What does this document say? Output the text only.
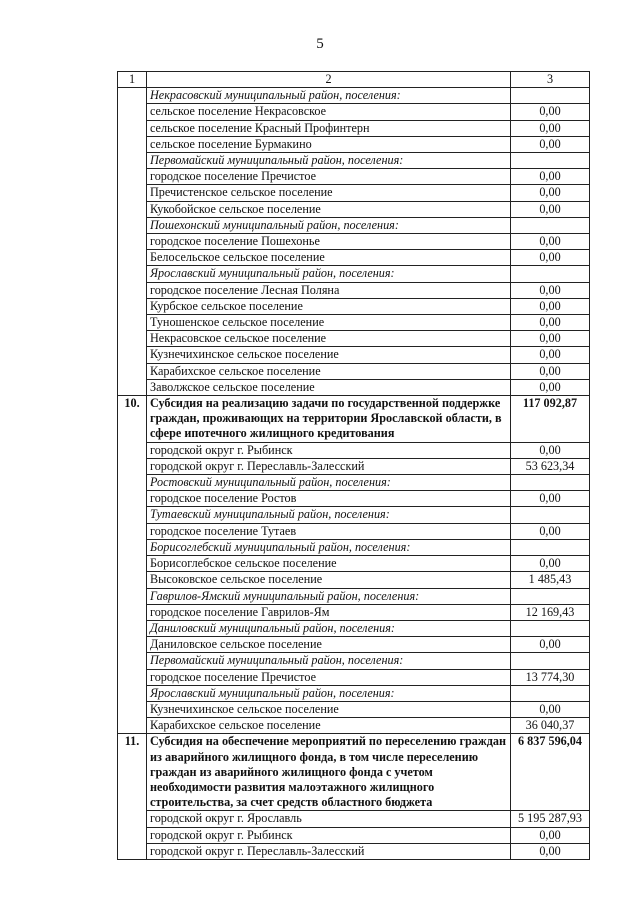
5
1	2	3
	Некрасовский муниципальный район, поселения:	
	сельское поселение Некрасовское	0,00
	сельское поселение Красный Профинтерн	0,00
	сельское поселение Бурмакино	0,00
	Первомайский муниципальный район, поселения:	
	городское поселение Пречистое	0,00
	Пречистенское сельское поселение	0,00
	Кукобойское сельское поселение	0,00
	Пошехонский муниципальный район, поселения:	
	городское поселение Пошехонье	0,00
	Белосельское сельское поселение	0,00
	Ярославский муниципальный район, поселения:	
	городское поселение Лесная Поляна	0,00
	Курбское сельское поселение	0,00
	Туношенское сельское поселение	0,00
	Некрасовское сельское поселение	0,00
	Кузнечихинское сельское поселение	0,00
	Карабихское сельское поселение	0,00
	Заволжское сельское поселение	0,00
10.	Субсидия на реализацию задачи по государственной поддержке граждан, проживающих на территории Ярославской области, в сфере ипотечного жилищного кредитования	117 092,87
	городской округ г. Рыбинск	0,00
	городской округ г. Переславль-Залесский	53 623,34
	Ростовский муниципальный район, поселения:	
	городское поселение Ростов	0,00
	Тутаевский муниципальный район, поселения:	
	городское поселение Тутаев	0,00
	Борисоглебский муниципальный район, поселения:	
	Борисоглебское сельское поселение	0,00
	Высоковское сельское поселение	1 485,43
	Гаврилов-Ямский муниципальный район, поселения:	
	городское поселение Гаврилов-Ям	12 169,43
	Даниловский муниципальный район, поселения:	
	Даниловское сельское поселение	0,00
	Первомайский муниципальный район, поселения:	
	городское поселение Пречистое	13 774,30
	Ярославский муниципальный район, поселения:	
	Кузнечихинское сельское поселение	0,00
	Карабихское сельское поселение	36 040,37
11.	Субсидия на обеспечение мероприятий по переселению граждан из аварийного жилищного фонда, в том числе переселению граждан из аварийного жилищного фонда с учетом необходимости развития малоэтажного жилищного строительства, за счет средств областного бюджета	6 837 596,04
	городской округ г. Ярославль	5 195 287,93
	городской округ г. Рыбинск	0,00
	городской округ г. Переславль-Залесский	0,00
